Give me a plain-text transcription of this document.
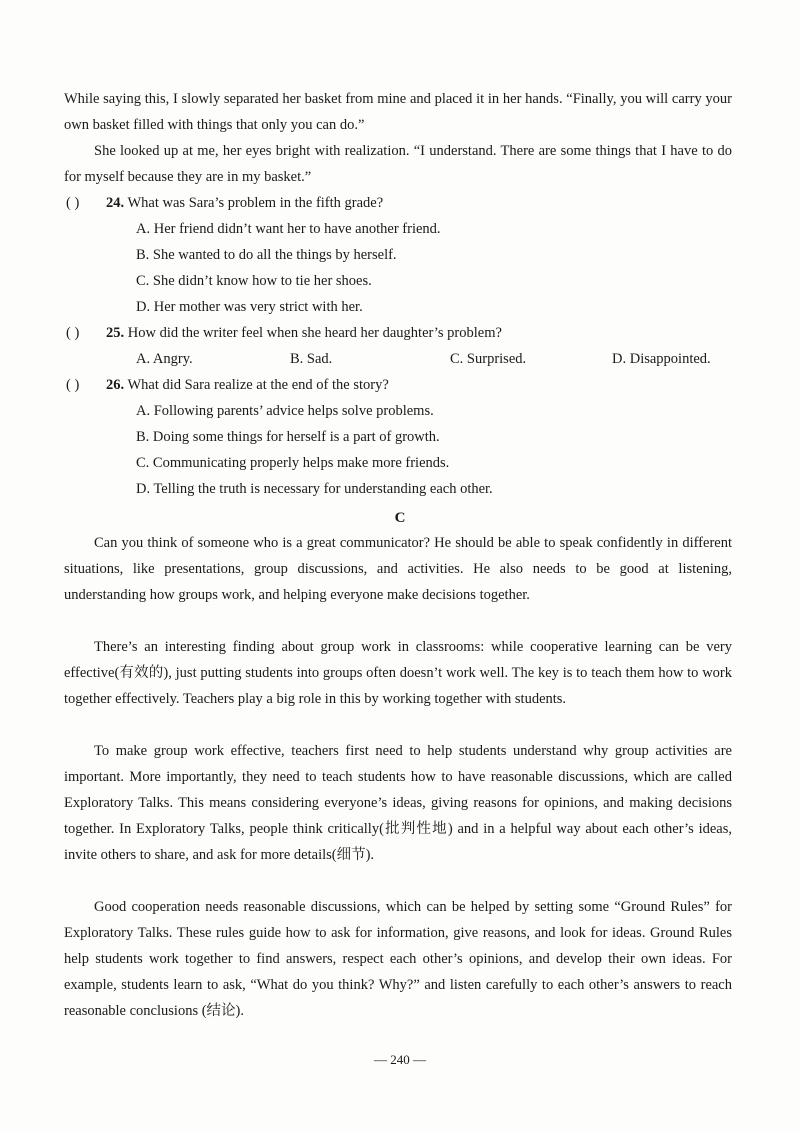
While saying this, I slowly separated her basket from mine and placed it in her hands. “Finally, you will carry your own basket filled with things that only you can do.”

She looked up at me, her eyes bright with realization. “I understand. There are some things that I have to do for myself because they are in my basket.”

( ) 24. What was Sara’s problem in the fifth grade?
A. Her friend didn’t want her to have another friend.
B. She wanted to do all the things by herself.
C. She didn’t know how to tie her shoes.
D. Her mother was very strict with her.
( ) 25. How did the writer feel when she heard her daughter’s problem?
A. Angry.	B. Sad.	C. Surprised.	D. Disappointed.
( ) 26. What did Sara realize at the end of the story?
A. Following parents’ advice helps solve problems.
B. Doing some things for herself is a part of growth.
C. Communicating properly helps make more friends.
D. Telling the truth is necessary for understanding each other.
C

Can you think of someone who is a great communicator? He should be able to speak confidently in different situations, like presentations, group discussions, and activities. He also needs to be good at listening, understanding how groups work, and helping everyone make decisions together.

There’s an interesting finding about group work in classrooms: while cooperative learning can be very effective(有效的), just putting students into groups often doesn’t work well. The key is to teach them how to work together effectively. Teachers play a big role in this by working together with students.

To make group work effective, teachers first need to help students understand why group activities are important. More importantly, they need to teach students how to have reasonable discussions, which are called Exploratory Talks. This means considering everyone’s ideas, giving reasons for opinions, and making decisions together. In Exploratory Talks, people think critically(批判性地) and in a helpful way about each other’s ideas, invite others to share, and ask for more details(细节).

Good cooperation needs reasonable discussions, which can be helped by setting some “Ground Rules” for Exploratory Talks. These rules guide how to ask for information, give reasons, and look for ideas. Ground Rules help students work together to find answers, respect each other’s opinions, and develop their own ideas. For example, students learn to ask, “What do you think? Why?” and listen carefully to each other’s answers to reach reasonable conclusions (结论).

— 240 —
